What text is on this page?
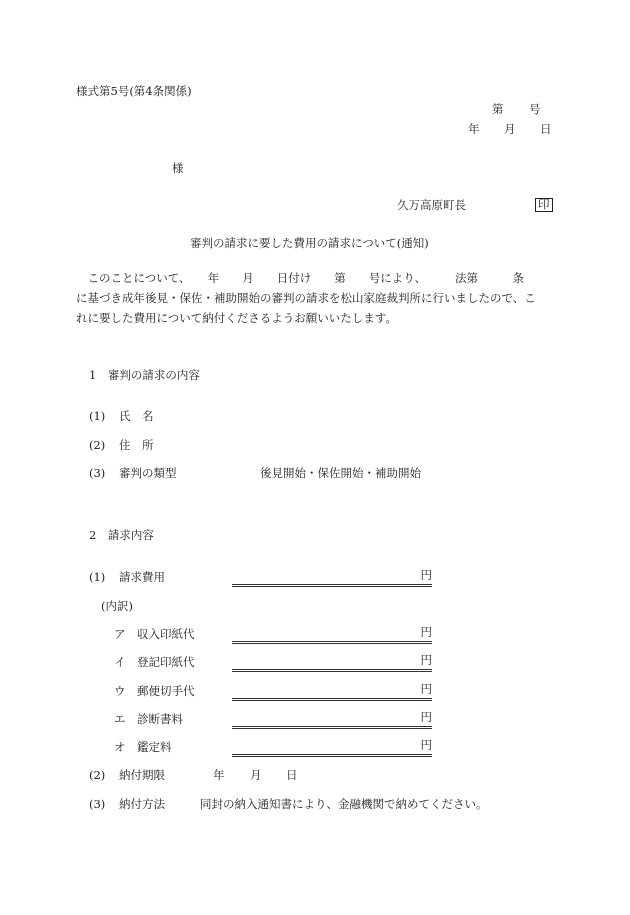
様式第5号(第4条関係)
第 号
年 月 日
様
久万高原町長	印
審判の請求に要した費用の請求について(通知)
　このことについて、　　年　　月　　日付け　　第　　号により、　　　法第　　　条
に基づき成年後見・保佐・補助開始の審判の請求を松山家庭裁判所に行いましたので、こ
れに要した費用について納付くださるようお願いいたします。
1　審判の請求の内容
(1) 氏　名
(2) 住　所
(3) 審判の類型	後見開始・保佐開始・補助開始
2　請求内容
(1) 請求費用	円
(内訳)
ア 収入印紙代	円
イ 登記印紙代	円
ウ 郵便切手代	円
エ 診断書料	円
オ 鑑定料	円
(2) 納付期限	年 月 日
(3) 納付方法	同封の納入通知書により、金融機関で納めてください。
